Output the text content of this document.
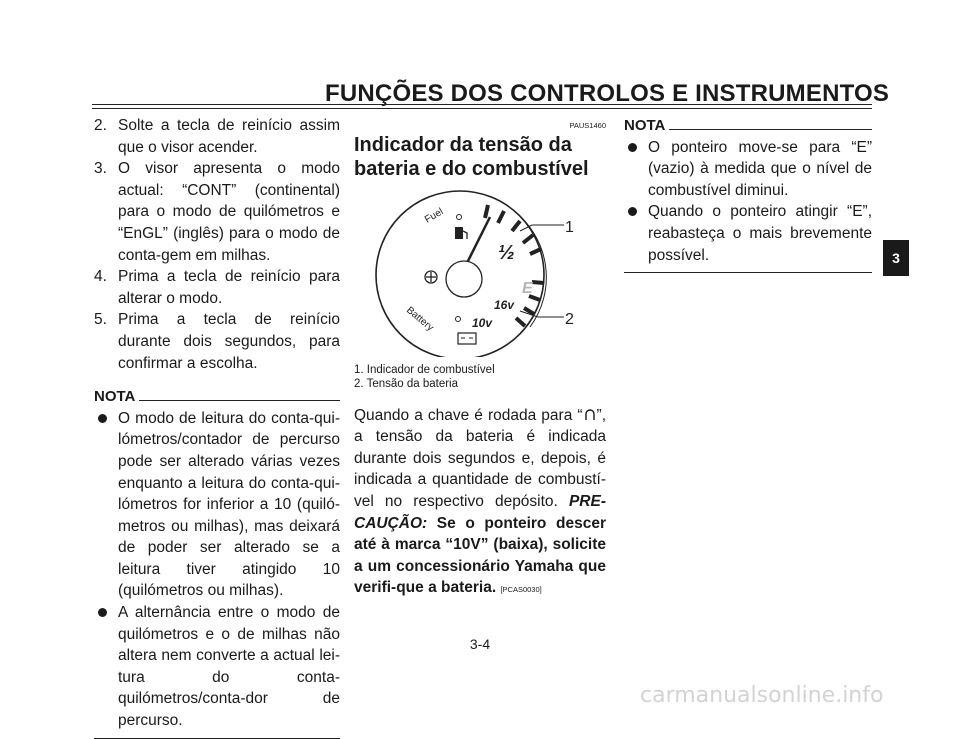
FUNÇÕES DOS CONTROLOS E INSTRUMENTOS
2. Solte a tecla de reinício assim que o visor acender.
3. O visor apresenta o modo actual: “CONT” (continental) para o modo de quilómetros e “EnGL” (inglês) para o modo de conta-gem em milhas.
4. Prima a tecla de reinício para alterar o modo.
5. Prima a tecla de reinício durante dois segundos, para confirmar a escolha.
NOTA
O modo de leitura do conta-qui-lómetros/contador de percurso pode ser alterado várias vezes enquanto a leitura do conta-qui-lómetros for inferior a 10 (quiló-metros ou milhas), mas deixará de poder ser alterado se a leitura tiver atingido 10 (quilómetros ou milhas).
A alternância entre o modo de quilómetros e o de milhas não altera nem converte a actual lei-tura do conta-quilómetros/conta-dor de percurso.
PAUS1460
Indicador da tensão da bateria e do combustível
Fuel
Battery
½
E
16v
10v
1
2
1. Indicador de combustível
2. Tensão da bateria
Quando a chave é rodada para “ ”, a tensão da bateria é indicada durante dois segundos e, depois, é indicada a quantidade de combustí-vel no respectivo depósito. PRE-CAUÇÃO: Se o ponteiro descer até à marca “10V” (baixa), solicite a um concessionário Yamaha que verifi-que a bateria. [PCAS0030]
NOTA
O ponteiro move-se para “E” (vazio) à medida que o nível de combustível diminui.
Quando o ponteiro atingir “E”, reabasteça o mais brevemente possível.	3
3-4
carmanualsonline.info
